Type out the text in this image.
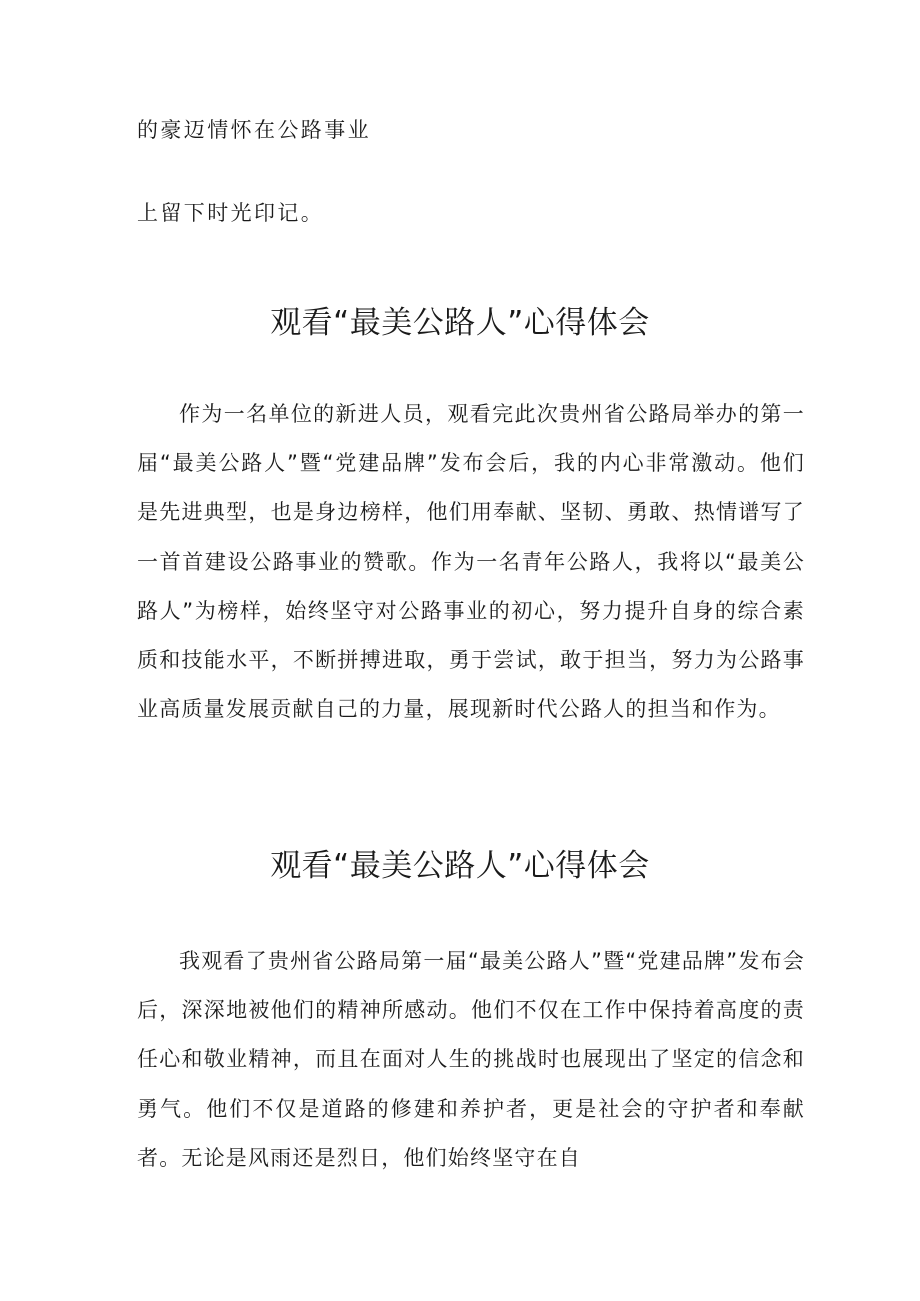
的豪迈情怀在公路事业
上留下时光印记。
观看“最美公路人”心得体会

作为一名单位的新进人员，观看完此次贵州省公路局举办的第一届“最美公路人”暨“党建品牌”发布会后，我的内心非常激动。他们是先进典型，也是身边榜样，他们用奉献、坚韧、勇敢、热情谱写了一首首建设公路事业的赞歌。作为一名青年公路人，我将以“最美公路人”为榜样，始终坚守对公路事业的初心，努力提升自身的综合素质和技能水平，不断拼搏进取，勇于尝试，敢于担当，努力为公路事业高质量发展贡献自己的力量，展现新时代公路人的担当和作为。

观看“最美公路人”心得体会

我观看了贵州省公路局第一届“最美公路人”暨“党建品牌”发布会后，深深地被他们的精神所感动。他们不仅在工作中保持着高度的责任心和敬业精神，而且在面对人生的挑战时也展现出了坚定的信念和勇气。他们不仅是道路的修建和养护者，更是社会的守护者和奉献者。无论是风雨还是烈日，他们始终坚守在自
